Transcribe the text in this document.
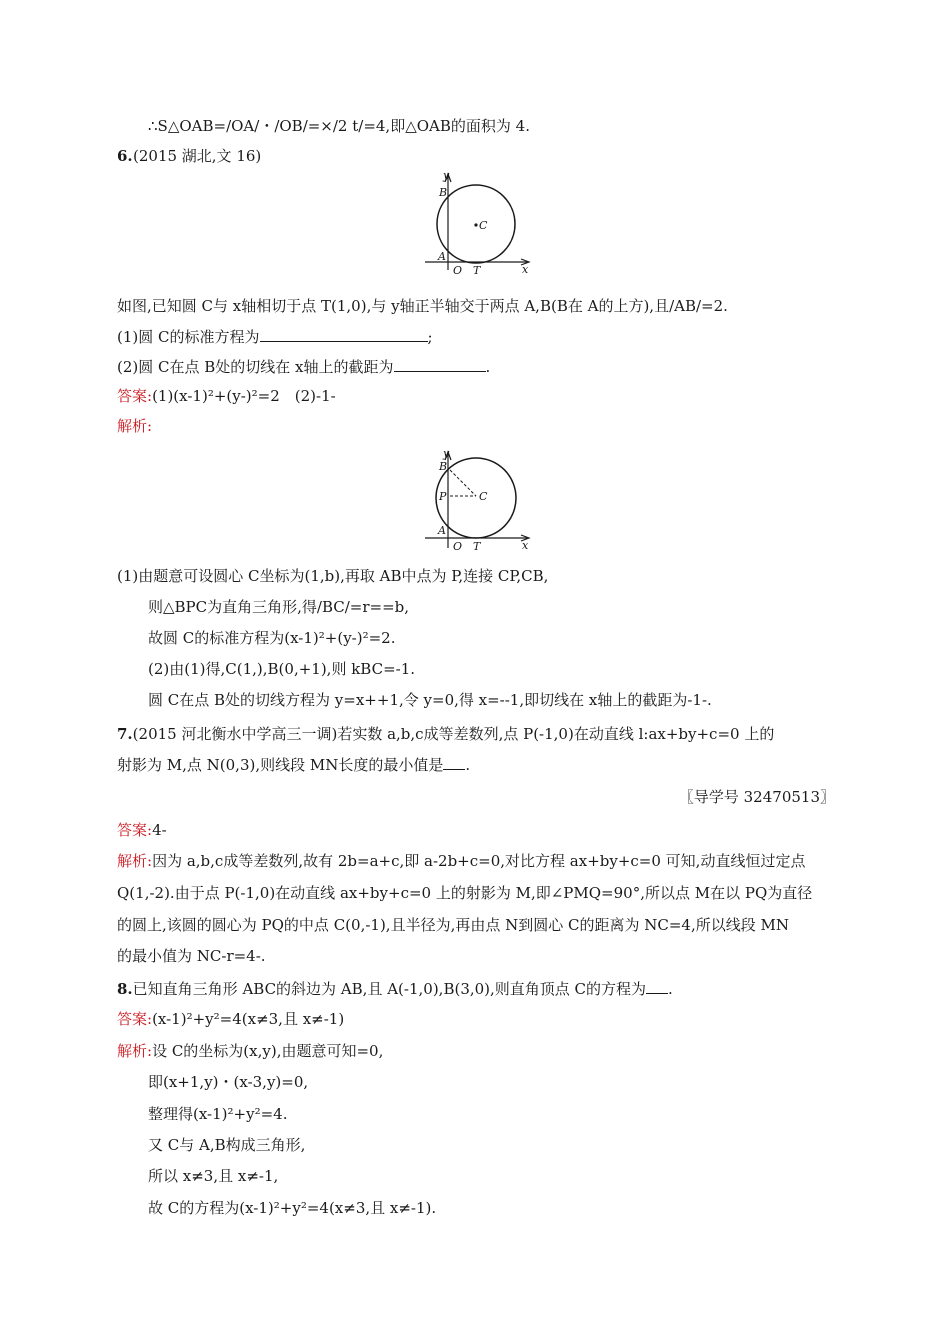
∴S△OAB=/OA/・/OB/=×/2 t/=4,即△OAB的面积为 4.
6. (2015 湖北,文 16)
y
x
B
C
A
O T
如图,已知圆 C与 x轴相切于点 T(1,0),与 y轴正半轴交于两点 A,B(B在 A的上方),且/AB/=2.
(1)圆 C的标准方程为	;
(2)圆 C在点 B处的切线在 x轴上的截距为	.
答案:(1)(x-1)²+(y-)²=2　(2)-1-
解析:
y
x
B
P	C
A
O T
(1)由题意可设圆心 C坐标为(1,b),再取 AB中点为 P,连接 CP,CB,
则△BPC为直角三角形,得/BC/=r==b,
故圆 C的标准方程为(x-1)²+(y-)²=2.
(2)由(1)得,C(1,),B(0,+1),则 kBC=-1.
圆 C在点 B处的切线方程为 y=x++1,令 y=0,得 x=--1,即切线在 x轴上的截距为-1-.
7.(2015 河北衡水中学高三一调)若实数 a,b,c成等差数列,点 P(-1,0)在动直线 l:ax+by+c=0 上的
射影为 M,点 N(0,3),则线段 MN长度的最小值是 .
〖导学号 32470513〗
答案:4-
解析:因为 a,b,c成等差数列,故有 2b=a+c,即 a-2b+c=0,对比方程 ax+by+c=0 可知,动直线恒过定点
Q(1,-2).由于点 P(-1,0)在动直线 ax+by+c=0 上的射影为 M,即∠PMQ=90°,所以点 M在以 PQ为直径
的圆上,该圆的圆心为 PQ的中点 C(0,-1),且半径为,再由点 N到圆心 C的距离为 NC=4,所以线段 MN
的最小值为 NC-r=4-.
8.已知直角三角形 ABC的斜边为 AB,且 A(-1,0),B(3,0),则直角顶点 C的方程为 .
答案:(x-1)²+y²=4(x≠3,且 x≠-1)
解析:设 C的坐标为(x,y),由题意可知=0,
即(x+1,y)・(x-3,y)=0,
整理得(x-1)²+y²=4.
又 C与 A,B构成三角形,
所以 x≠3,且 x≠-1,
故 C的方程为(x-1)²+y²=4(x≠3,且 x≠-1).
